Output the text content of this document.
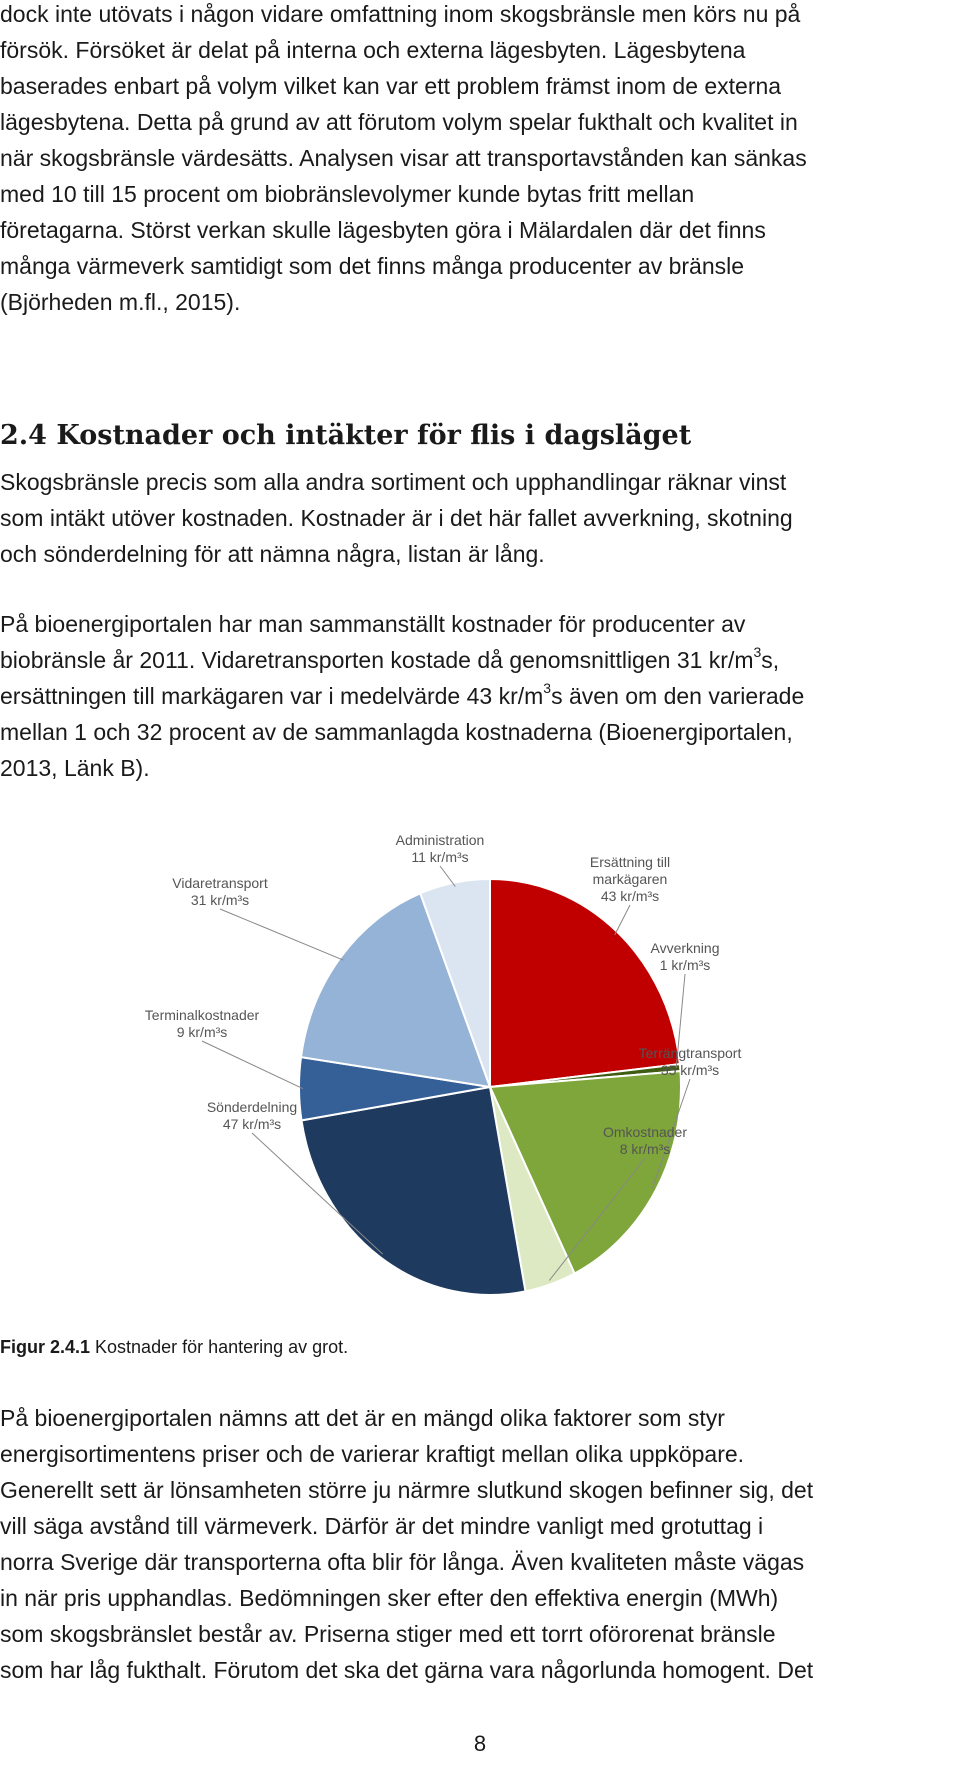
dock inte utövats i någon vidare omfattning inom skogsbränsle men körs nu på
försök. Försöket är delat på interna och externa lägesbyten. Lägesbytena
baserades enbart på volym vilket kan var ett problem främst inom de externa
lägesbytena. Detta på grund av att förutom volym spelar fukthalt och kvalitet in
när skogsbränsle värdesätts. Analysen visar att transportavstånden kan sänkas
med 10 till 15 procent om biobränslevolymer kunde bytas fritt mellan
företagarna. Störst verkan skulle lägesbyten göra i Mälardalen där det finns
många värmeverk samtidigt som det finns många producenter av bränsle
(Björheden m.fl., 2015).

2.4 Kostnader och intäkter för flis i dagsläget

Skogsbränsle precis som alla andra sortiment och upphandlingar räknar vinst
som intäkt utöver kostnaden. Kostnader är i det här fallet avverkning, skotning
och sönderdelning för att nämna några, listan är lång.

På bioenergiportalen har man sammanställt kostnader för producenter av
biobränsle år 2011. Vidaretransporten kostade då genomsnittligen 31 $kr/m^3s$,
ersättningen till markägaren var i medelvärde 43 $kr/m^3s$ även om den varierade
mellan 1 och 32 procent av de sammanlagda kostnaderna (Bioenergiportalen,
2013, Länk B).

Ersättning till markägaren 43 kr/m³s
Avverkning 1 kr/m³s
Terrängtransport 35 kr/m³s
Omkostnader 8 kr/m³s
Sönderdelning 47 kr/m³s
Terminalkostnader 9 kr/m³s
Vidaretransport 31 kr/m³s
Administration 11 kr/m³s

Figur 2.4.1 Kostnader för hantering av grot.

På bioenergiportalen nämns att det är en mängd olika faktorer som styr
energisortimentens priser och de varierar kraftigt mellan olika uppköpare.
Generellt sett är lönsamheten större ju närmre slutkund skogen befinner sig, det
vill säga avstånd till värmeverk. Därför är det mindre vanligt med grotuttag i
norra Sverige där transporterna ofta blir för långa. Även kvaliteten måste vägas
in när pris upphandlas. Bedömningen sker efter den effektiva energin (MWh)
som skogsbränslet består av. Priserna stiger med ett torrt oförorenat bränsle
som har låg fukthalt. Förutom det ska det gärna vara någorlunda homogent. Det

8
